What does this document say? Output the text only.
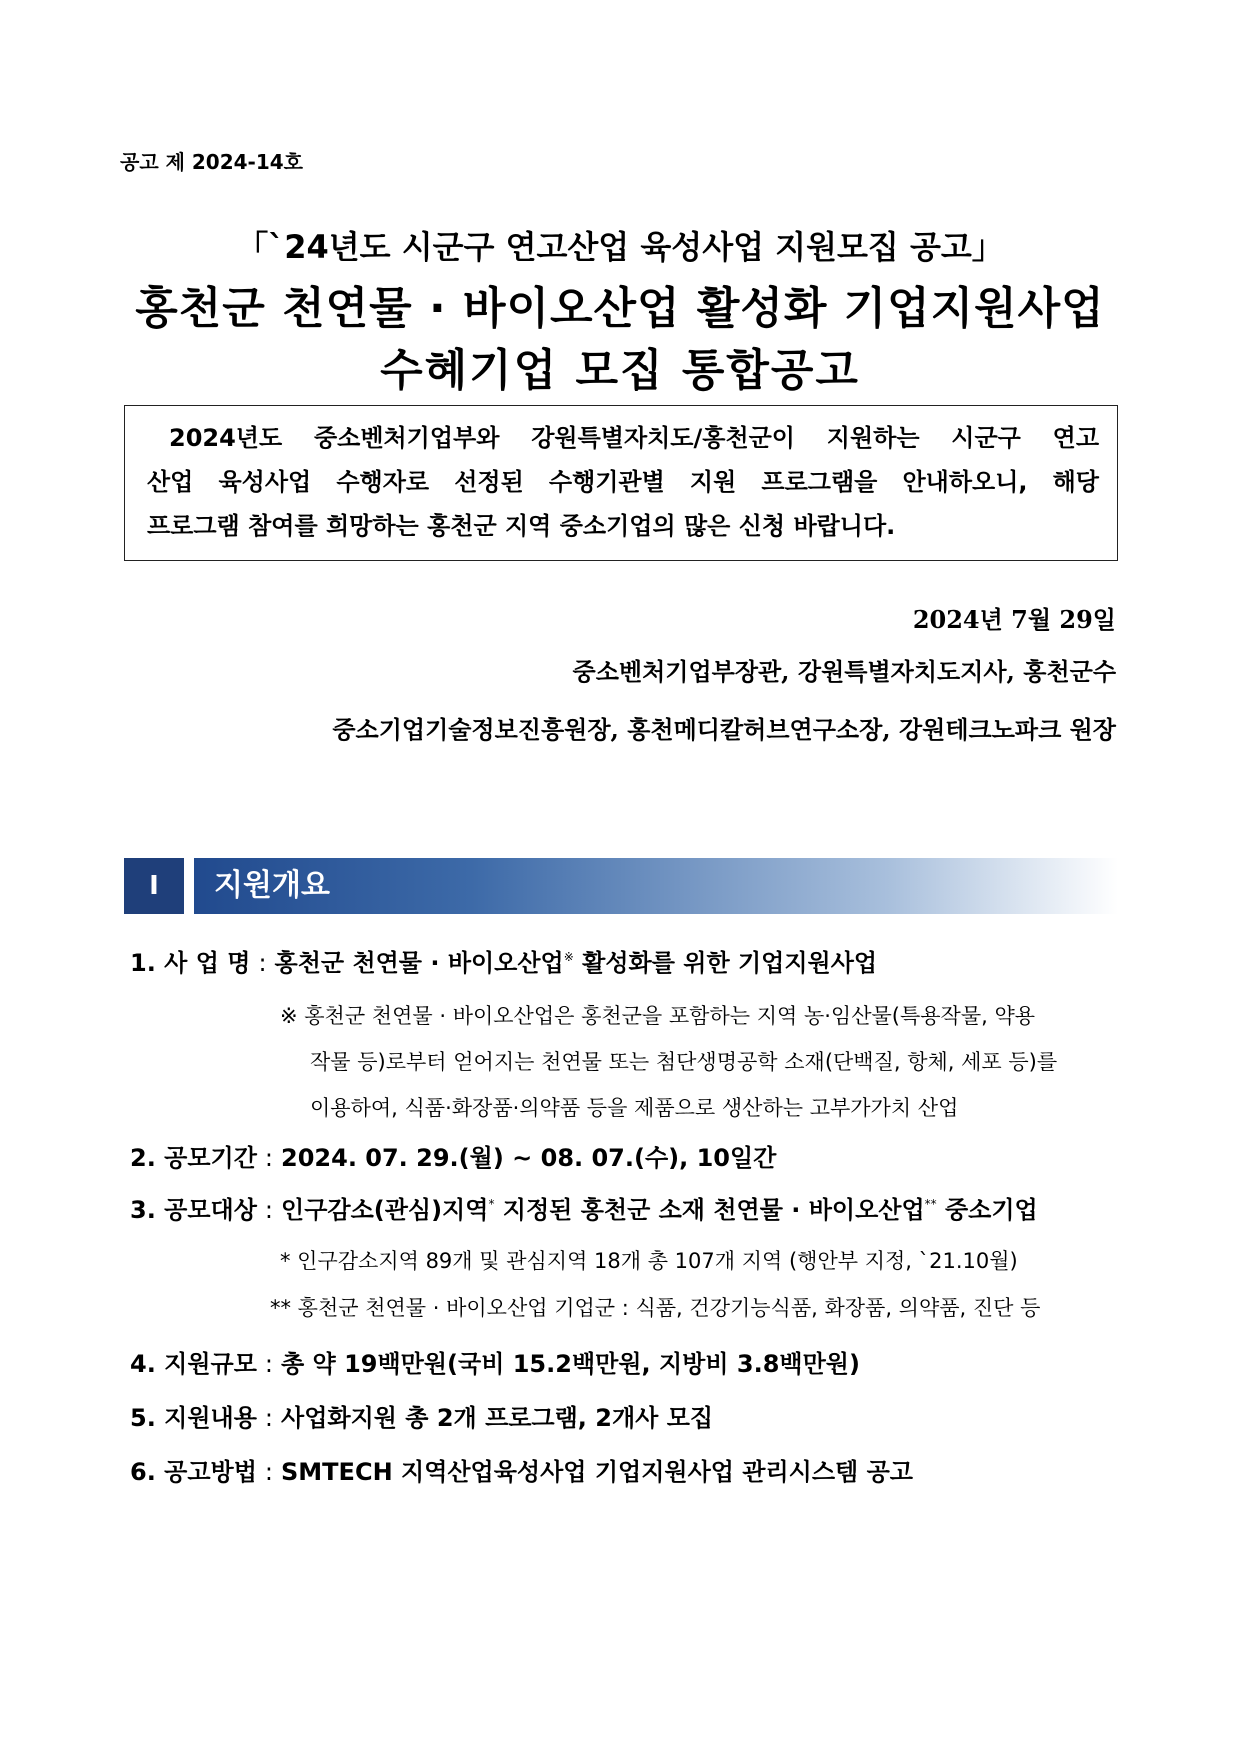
공고 제 2024-14호
「`24년도 시군구 연고산업 육성사업 지원모집 공고」
홍천군 천연물 · 바이오산업 활성화 기업지원사업
수혜기업 모집 통합공고
2024년도 중소벤처기업부와 강원특별자치도/홍천군이 지원하는 시군구 연고
산업 육성사업 수행자로 선정된 수행기관별 지원 프로그램을 안내하오니, 해당
프로그램 참여를 희망하는 홍천군 지역 중소기업의 많은 신청 바랍니다.
2024년 7월 29일
중소벤처기업부장관, 강원특별자치도지사, 홍천군수
중소기업기술정보진흥원장, 홍천메디칼허브연구소장, 강원테크노파크 원장
Ⅰ	지원개요
1. 사 업 명 : 홍천군 천연물 · 바이오산업※ 활성화를 위한 기업지원사업
※ 홍천군 천연물 · 바이오산업은 홍천군을 포함하는 지역 농·임산물(특용작물, 약용
작물 등)로부터 얻어지는 천연물 또는 첨단생명공학 소재(단백질, 항체, 세포 등)를
이용하여, 식품·화장품·의약품 등을 제품으로 생산하는 고부가가치 산업
2. 공모기간 : 2024. 07. 29.(월) ~ 08. 07.(수), 10일간
3. 공모대상 : 인구감소(관심)지역* 지정된 홍천군 소재 천연물 · 바이오산업** 중소기업
* 인구감소지역 89개 및 관심지역 18개 총 107개 지역 (행안부 지정, `21.10월)
** 홍천군 천연물 · 바이오산업 기업군 : 식품, 건강기능식품, 화장품, 의약품, 진단 등
4. 지원규모 : 총 약 19백만원(국비 15.2백만원, 지방비 3.8백만원)
5. 지원내용 : 사업화지원 총 2개 프로그램, 2개사 모집
6. 공고방법 : SMTECH 지역산업육성사업 기업지원사업 관리시스템 공고
